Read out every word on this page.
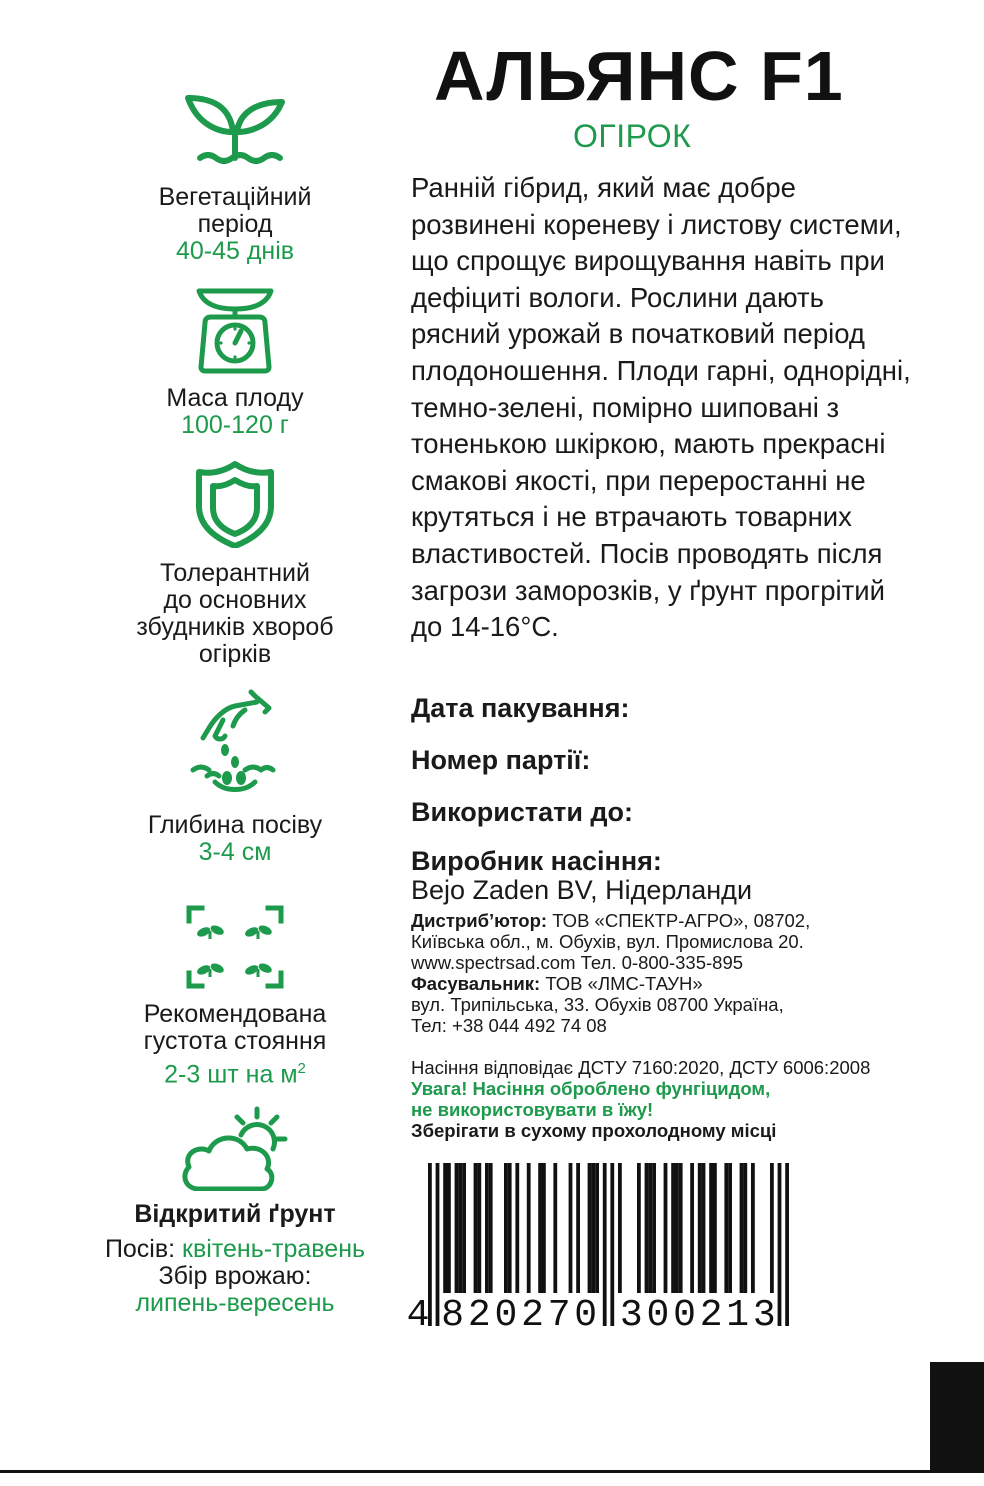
Вегетаційний
період
40-45 днів
Маса плоду
100-120 г
Толерантний
до основних
збудників хвороб
огірків
Глибина посіву
3-4 см
Рекомендована
густота стояння
2-3 шт на $м^2$
Відкритий ґрунт
Посів: квітень-травень
Збір врожаю:
липень-вересень
АЛЬЯНС F1
ОГІРОК
Ранній гібрид, який має добре розвинені кореневу і листову системи, що спрощує вирощування навіть при дефіциті вологи. Рослини дають рясний урожай в початковий період плодоношення. Плоди гарні, однорідні, темно-зелені, помірно шиповані з тоненькою шкіркою, мають прекрасні смакові якості, при переростанні не крутяться і не втрачають товарних властивостей. Посів проводять після загрози заморозків, у ґрунт прогрітий до 14-16°С.
Дата пакування:
Номер партії:
Використати до:
Виробник насіння:
Bejo Zaden BV, Нідерланди
Дистриб’ютор: ТОВ «СПЕКТР-АГРО», 08702,
Київська обл., м. Обухів, вул. Промислова 20.
www.spectrsad.com Тел. 0-800-335-895
Фасувальник: ТОВ «ЛМС-ТАУН»
вул. Трипільська, 33. Обухів 08700 Україна,
Тел: +38 044 492 74 08
Насіння відповідає ДСТУ 7160:2020, ДСТУ 6006:2008
Увага! Насіння оброблено фунгіцидом,
не використовувати в їжу!
Зберігати в сухому прохолодному місці
4 8 2 0 2 7 0 3 0 0 2 1 3
